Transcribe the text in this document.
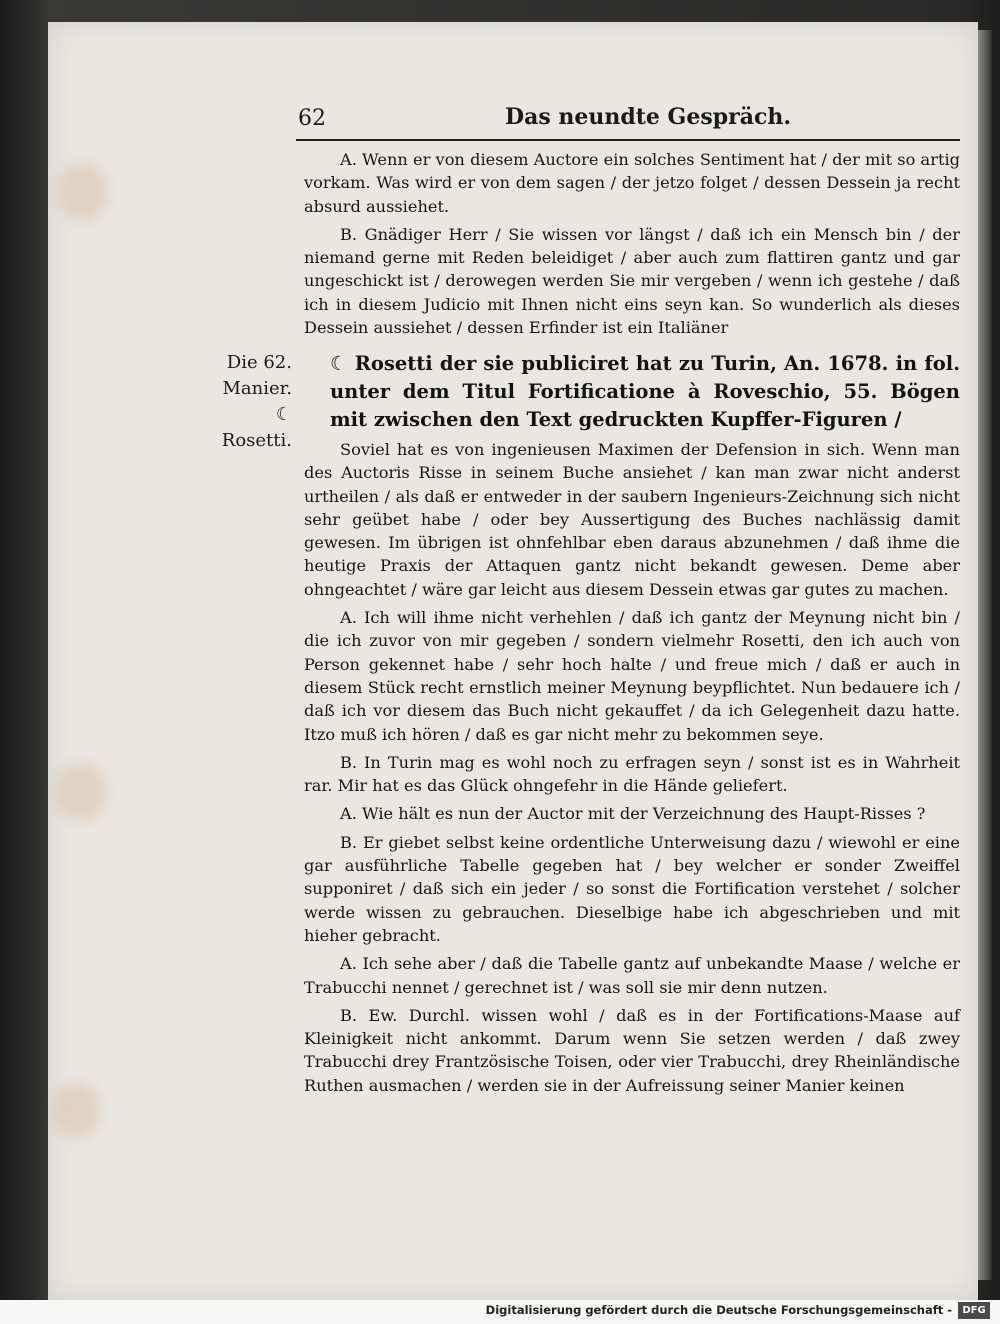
62	Das neundte Gespräch.

A. Wenn er von diesem Auctore ein solches Sentiment hat / der mit so artig vorkam. Was wird er von dem sagen / der jetzo folget / dessen Dessein ja recht absurd aussiehet.

B. Gnädiger Herr / Sie wissen vor längst / daß ich ein Mensch bin / der niemand gerne mit Reden beleidiget / aber auch zum flattiren gantz und gar ungeschickt ist / derowegen werden Sie mir vergeben / wenn ich gestehe / daß ich in diesem Judicio mit Ihnen nicht eins seyn kan. So wunderlich als dieses Dessein aussiehet / dessen Erfinder ist ein Italiäner

Die 62.
Manier.
☾
Rosetti.
☾ Rosetti der sie publiciret hat zu Turin, An. 1678. in fol. unter dem Titul Fortificatione à Roveschio, 55. Bögen mit zwischen den Text gedruckten Kupffer-Figuren /

Soviel hat es von ingenieusen Maximen der Defension in sich. Wenn man des Auctoris Risse in seinem Buche ansiehet / kan man zwar nicht anderst urtheilen / als daß er entweder in der saubern Ingenieurs-Zeichnung sich nicht sehr geübet habe / oder bey Aussertigung des Buches nachlässig damit gewesen. Im übrigen ist ohnfehlbar eben daraus abzunehmen / daß ihme die heutige Praxis der Attaquen gantz nicht bekandt gewesen. Deme aber ohngeachtet / wäre gar leicht aus diesem Dessein etwas gar gutes zu machen.

A. Ich will ihme nicht verhehlen / daß ich gantz der Meynung nicht bin / die ich zuvor von mir gegeben / sondern vielmehr Rosetti, den ich auch von Person gekennet habe / sehr hoch halte / und freue mich / daß er auch in diesem Stück recht ernstlich meiner Meynung beypflichtet. Nun bedauere ich / daß ich vor diesem das Buch nicht gekauffet / da ich Gelegenheit dazu hatte. Itzo muß ich hören / daß es gar nicht mehr zu bekommen seye.

B. In Turin mag es wohl noch zu erfragen seyn / sonst ist es in Wahrheit rar. Mir hat es das Glück ohngefehr in die Hände geliefert.

A. Wie hält es nun der Auctor mit der Verzeichnung des Haupt-Risses ?

B. Er giebet selbst keine ordentliche Unterweisung dazu / wiewohl er eine gar ausführliche Tabelle gegeben hat / bey welcher er sonder Zweiffel supponiret / daß sich ein jeder / so sonst die Fortification verstehet / solcher werde wissen zu gebrauchen. Dieselbige habe ich abgeschrieben und mit hieher gebracht.

A. Ich sehe aber / daß die Tabelle gantz auf unbekandte Maase / welche er Trabucchi nennet / gerechnet ist / was soll sie mir denn nutzen.

B. Ew. Durchl. wissen wohl / daß es in der Fortifications-Maase auf Kleinigkeit nicht ankommt. Darum wenn Sie setzen werden / daß zwey Trabucchi drey Frantzösische Toisen, oder vier Trabucchi, drey Rheinländische Ruthen ausmachen / werden sie in der Aufreissung seiner Manier keinen

Digitalisierung gefördert durch die Deutsche Forschungsgemeinschaft -	DFG
